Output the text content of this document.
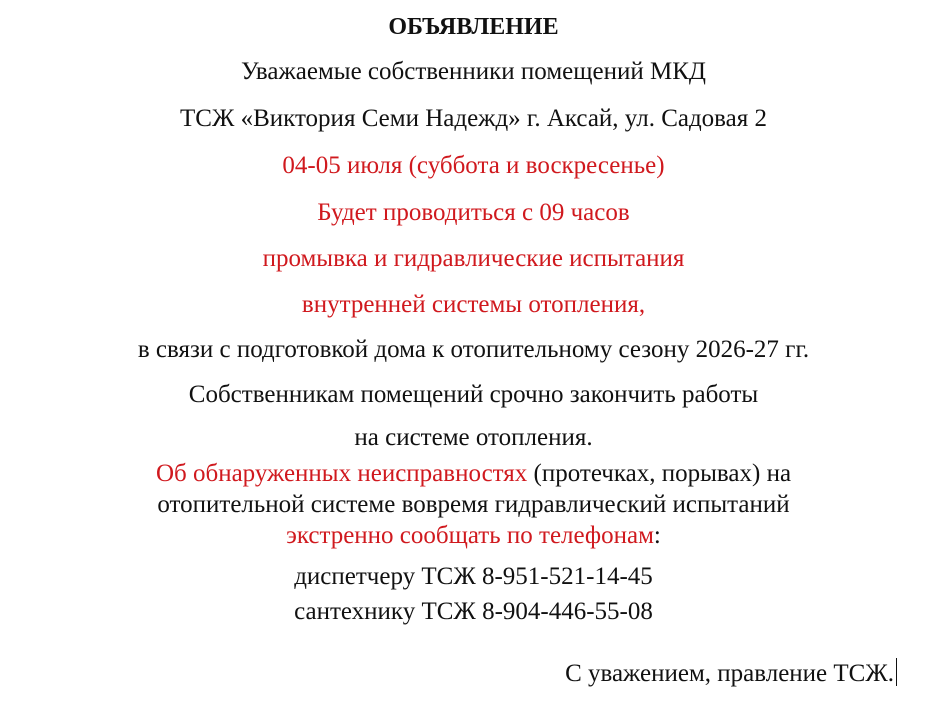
ОБЪЯВЛЕНИЕ
Уважаемые собственники помещений МКД
ТСЖ «Виктория Семи Надежд» г. Аксай, ул. Садовая 2
04-05 июля (суббота и воскресенье)
Будет проводиться с 09 часов
промывка и гидравлические испытания
внутренней системы отопления,
в связи с подготовкой дома к отопительному сезону 2026-27 гг.
Собственникам помещений срочно закончить работы
на системе отопления.
Об обнаруженных неисправностях (протечках, порывах) на
отопительной системе вовремя гидравлический испытаний
экстренно сообщать по телефонам:
диспетчеру ТСЖ 8-951-521-14-45
сантехнику ТСЖ 8-904-446-55-08
С уважением, правление ТСЖ.
